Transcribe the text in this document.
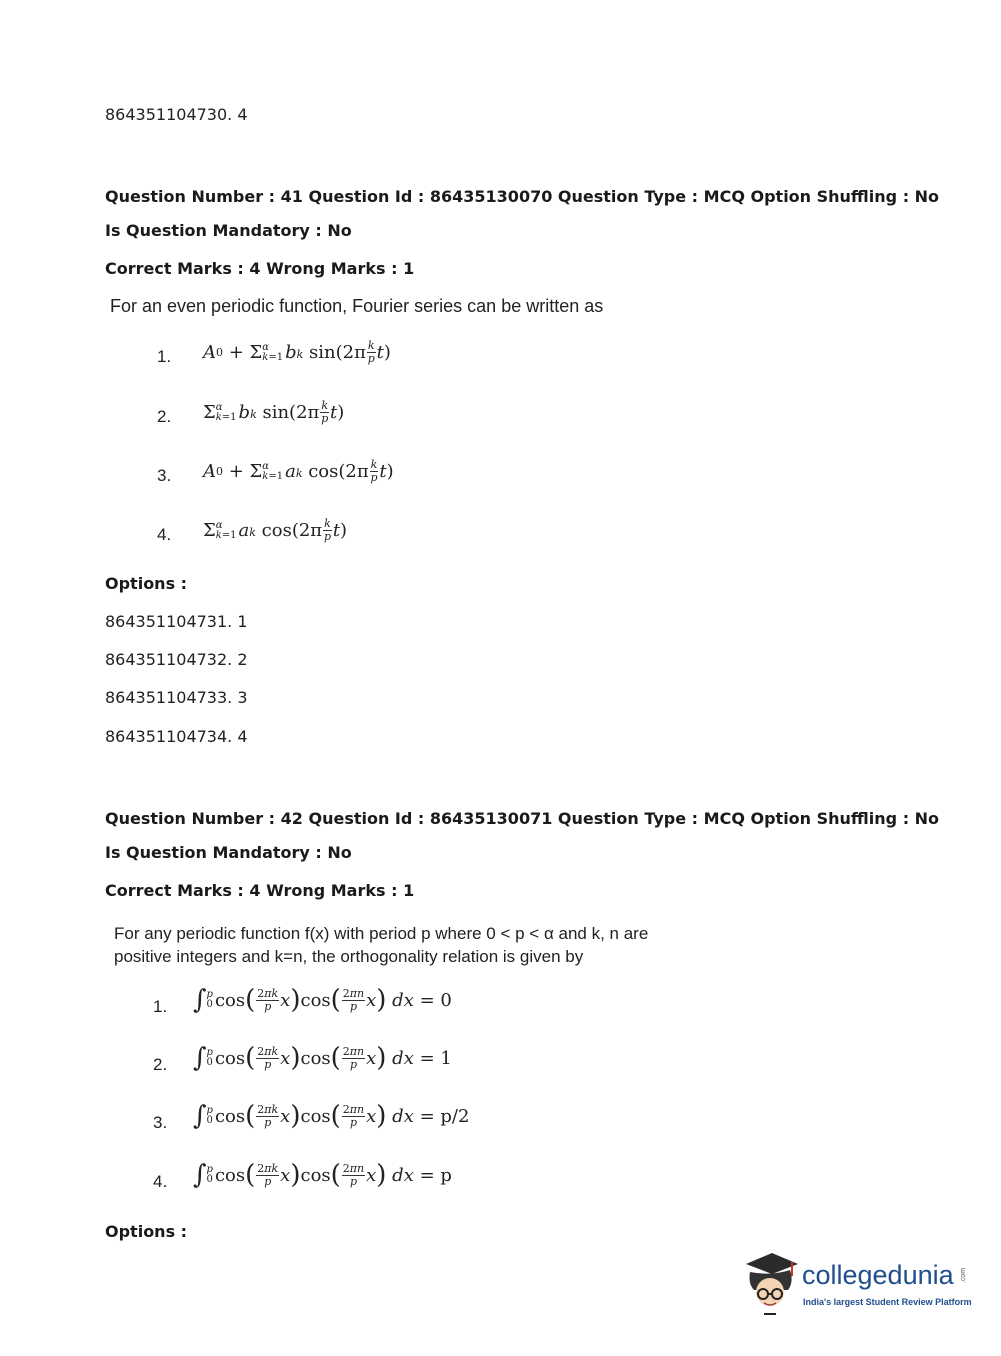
864351104730. 4
Question Number : 41 Question Id : 86435130070 Question Type : MCQ Option Shuffling : No
Is Question Mandatory : No
Correct Marks : 4 Wrong Marks : 1
For an even periodic function, Fourier series can be written as
1. A 0 + Σ α
k=1 bk $\sin(2\pi \frac{k}{p}$ t )
2. Σ α
k=1 bk $\sin(2\pi \frac{k}{p}$ t )
3. A 0 + Σ α
k=1 ak $\cos(2\pi \frac{k}{p}$ t )
4. Σ α
k=1 ak $\cos(2\pi \frac{k}{p}$ t )
Options :
864351104731. 1
864351104732. 2
864351104733. 3
864351104734. 4
Question Number : 42 Question Id : 86435130071 Question Type : MCQ Option Shuffling : No
Is Question Mandatory : No
Correct Marks : 4 Wrong Marks : 1
For any periodic function f(x) with period p where 0 < p < α and k, n are
positive integers and k=n, the orthogonality relation is given by
1. ∫ p
0 cos ( $\frac{2\pi k}{p}$ x ) cos ( $\frac{2\pi n}{p}$ x )
dx
= 0
2. ∫ p
0 cos ( $\frac{2\pi k}{p}$ x ) cos ( $\frac{2\pi n}{p}$ x )
dx
= 1
3. ∫ p
0 cos ( $\frac{2\pi k}{p}$ x ) cos ( $\frac{2\pi n}{p}$ x )
dx
= p/2
4. ∫ p
0 cos ( $\frac{2\pi k}{p}$ x ) cos ( $\frac{2\pi n}{p}$ x )
dx
= p
Options :
collegedunia .com
India's largest Student Review Platform
